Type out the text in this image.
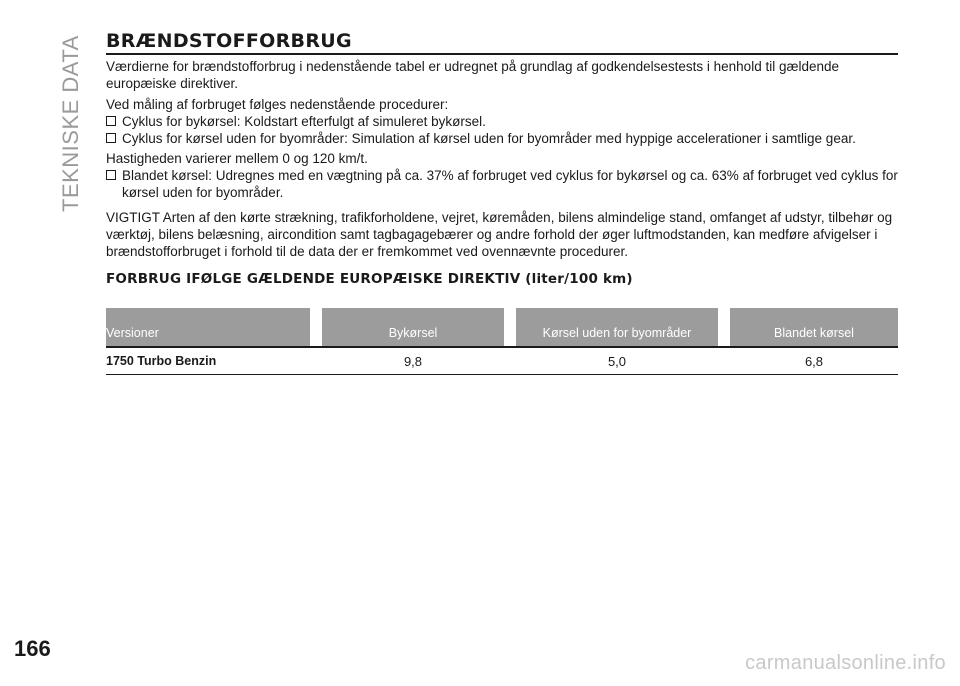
TEKNISKE DATA BRÆNDSTOFFORBRUG

Værdierne for brændstofforbrug i nedenstående tabel er udregnet på grundlag af godkendelsestests i henhold til gældende europæiske direktiver.

Ved måling af forbruget følges nedenstående procedurer:

Cyklus for bykørsel: Koldstart efterfulgt af simuleret bykørsel.

Cyklus for kørsel uden for byområder: Simulation af kørsel uden for byområder med hyppige accelerationer i samtlige gear.

Hastigheden varierer mellem 0 og 120 km/t.

Blandet kørsel: Udregnes med en vægtning på ca. 37% af forbruget ved cyklus for bykørsel og ca. 63% af forbruget ved cyklus for kørsel uden for byområder.

VIGTIGT Arten af den kørte strækning, trafikforholdene, vejret, køremåden, bilens almindelige stand, omfanget af udstyr, tilbehør og værktøj, bilens belæsning, aircondition samt tagbagagebærer og andre forhold der øger luftmodstanden, kan medføre afvigelser i brændstofforbruget i forhold til de data der er fremkommet ved ovennævnte procedurer.

FORBRUG IFØLGE GÆLDENDE EUROPÆISKE DIREKTIV (liter/100 km)
Versioner		Bykørsel		Kørsel uden for byområder		Blandet kørsel
1750 Turbo Benzin		9,8		5,0		6,8
166
carmanualsonline.info
